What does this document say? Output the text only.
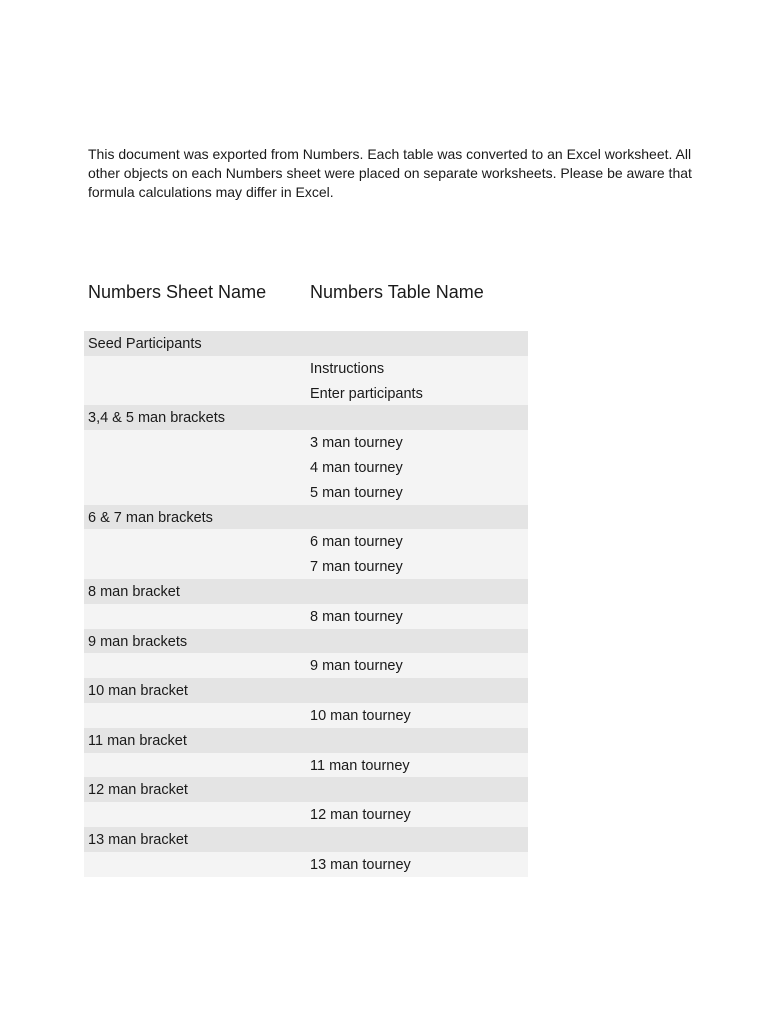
This document was exported from Numbers. Each table was converted to an Excel worksheet. All
other objects on each Numbers sheet were placed on separate worksheets. Please be aware that
formula calculations may differ in Excel.
Numbers Sheet Name Numbers Table Name
Seed Participants
Instructions
Enter participants
3,4 & 5 man brackets
3 man tourney
4 man tourney
5 man tourney
6 & 7 man brackets
6 man tourney
7 man tourney
8 man bracket
8 man tourney
9 man brackets
9 man tourney
10 man bracket
10 man tourney
11 man bracket
11 man tourney
12 man bracket
12 man tourney
13 man bracket
13 man tourney
